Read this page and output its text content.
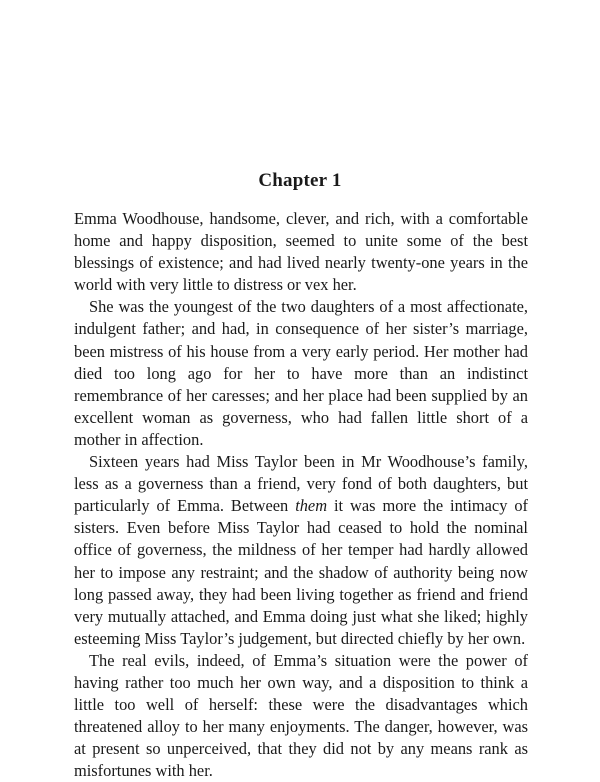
Chapter 1

Emma Woodhouse, handsome, clever, and rich, with a comfortable home and happy disposition, seemed to unite some of the best blessings of existence; and had lived nearly twenty-one years in the world with very little to distress or vex her.

She was the youngest of the two daughters of a most affectionate, indulgent father; and had, in consequence of her sister’s marriage, been mistress of his house from a very early period. Her mother had died too long ago for her to have more than an indistinct remembrance of her caresses; and her place had been supplied by an excellent woman as governess, who had fallen little short of a mother in affection.

Sixteen years had Miss Taylor been in Mr Woodhouse’s family, less as a governess than a friend, very fond of both daughters, but particularly of Emma. Between them it was more the intimacy of sisters. Even before Miss Taylor had ceased to hold the nominal office of governess, the mildness of her temper had hardly allowed her to impose any restraint; and the shadow of authority being now long passed away, they had been living together as friend and friend very mutually attached, and Emma doing just what she liked; highly esteeming Miss Taylor’s judgement, but directed chiefly by her own.

The real evils, indeed, of Emma’s situation were the power of having rather too much her own way, and a disposition to think a little too well of herself: these were the disadvantages which threatened alloy to her many enjoyments. The danger, however, was at present so unperceived, that they did not by any means rank as misfortunes with her.
